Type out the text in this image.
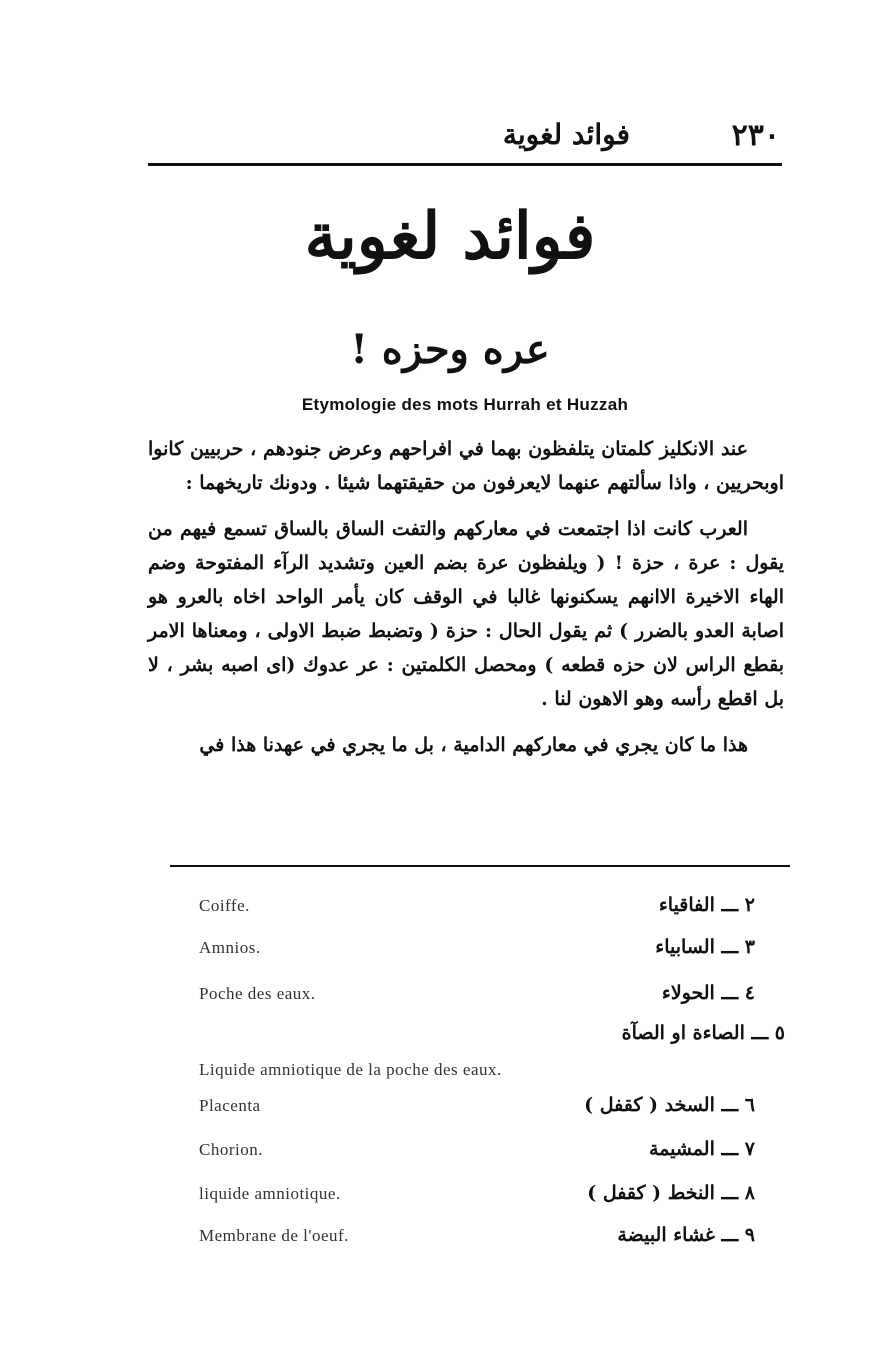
٢٣٠
فوائد لغوية
فوائد لغوية
عره وحزه !
Etymologie des mots Hurrah et Huzzah

عند الانكليز كلمتان يتلفظون بهما في افراحهم وعرض جنودهم ، حربيين كانوا اوبحريين ، واذا سألتهم عنهما لايعرفون من حقيقتهما شيئا . ودونك تاريخهما :

العرب كانت اذا اجتمعت في معاركهم والتفت الساق بالساق تسمع فيهم من يقول : عرة ، حزة ! ( ويلفظون عرة بضم العين وتشديد الرآء المفتوحة وضم الهاء الاخيرة الاانهم يسكنونها غالبا في الوقف كان يأمر الواحد اخاه بالعرو هو اصابة العدو بالضرر ) ثم يقول الحال : حزة ( وتضبط ضبط الاولى ، ومعناها الامر بقطع الراس لان حزه قطعه ) ومحصل الكلمتين : عر عدوك (اى اصبه بشر ، لا بل اقطع رأسه وهو الاهون لنا .

هذا ما كان يجري في معاركهم الدامية ، بل ما يجري في عهدنا هذا في

Coiffe.	٢ ـــ الفاقياء
Amnios.	٣ ـــ السابياء
Poche des eaux.	٤ ـــ الحولاء
٥ ـــ الصاءة او الصآة
Liquide amniotique de la poche des eaux.
Placenta	٦ ـــ السخد ( كقفل )
Chorion.	٧ ـــ المشيمة
liquide amniotique.	٨ ـــ النخط ( كقفل )
Membrane de l'oeuf.	٩ ـــ غشاء البيضة
